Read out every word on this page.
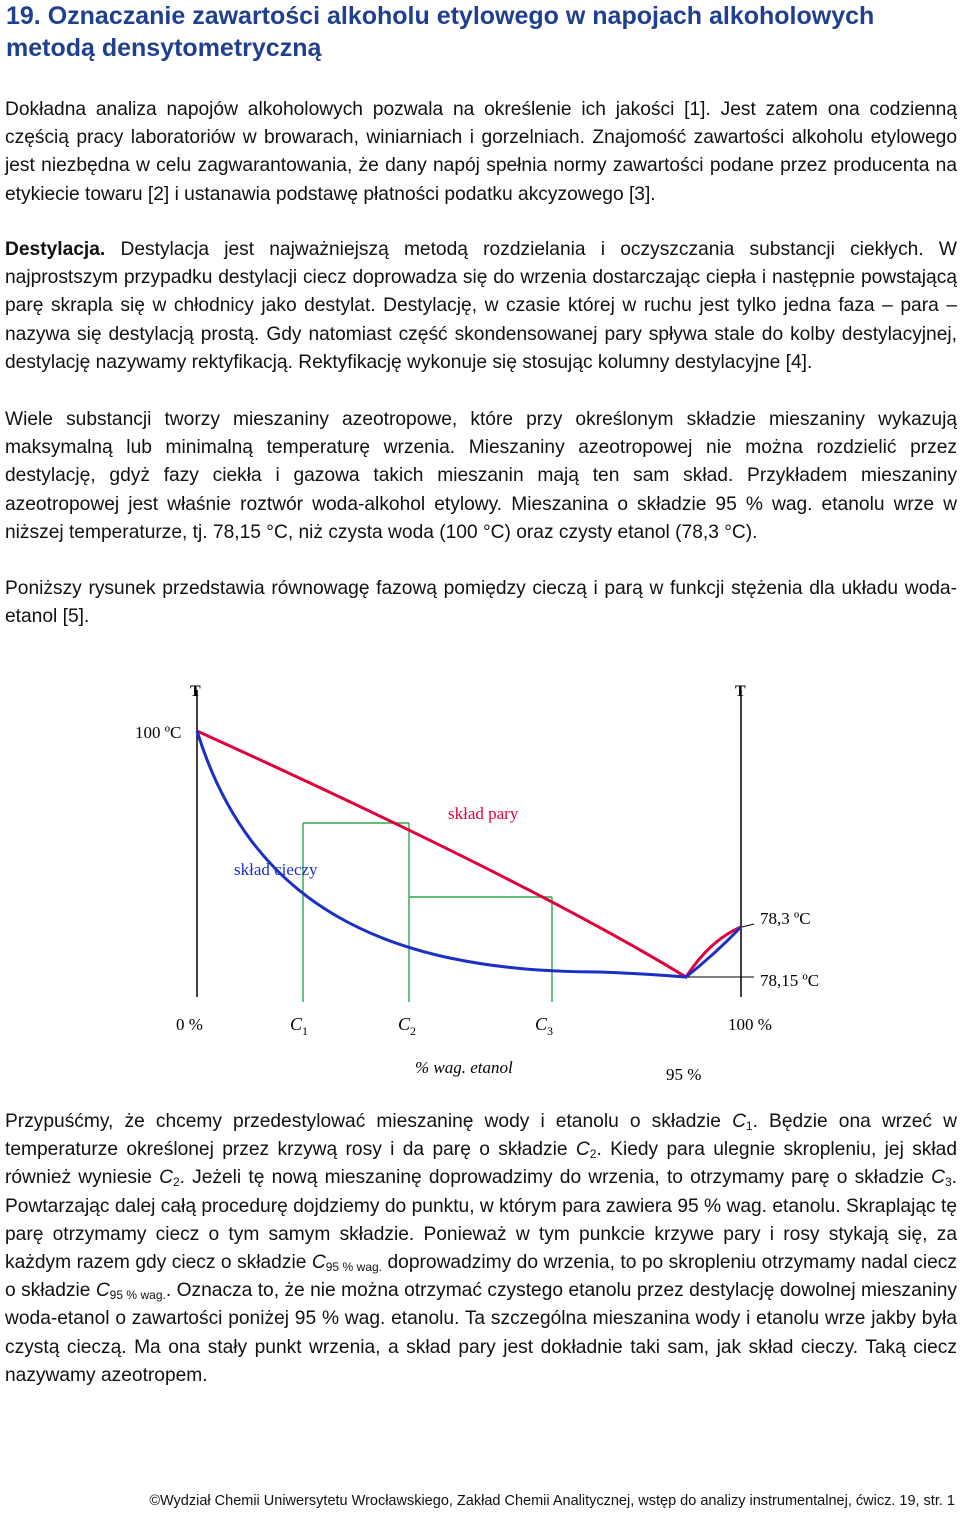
19. Oznaczanie zawartości alkoholu etylowego w napojach alkoholowych metodą densytometryczną

Dokładna analiza napojów alkoholowych pozwala na określenie ich jakości [1]. Jest zatem ona codzienną częścią pracy laboratoriów w browarach, winiarniach i gorzelniach. Znajomość zawartości alkoholu etylowego jest niezbędna w celu zagwarantowania, że dany napój spełnia normy zawartości podane przez producenta na etykiecie towaru [2] i ustanawia podstawę płatności podatku akcyzowego [3].

Destylacja. Destylacja jest najważniejszą metodą rozdzielania i oczyszczania substancji ciekłych. W najprostszym przypadku destylacji ciecz doprowadza się do wrzenia dostarczając ciepła i następnie powstającą parę skrapla się w chłodnicy jako destylat. Destylację, w czasie której w ruchu jest tylko jedna faza – para – nazywa się destylacją prostą. Gdy natomiast część skondensowanej pary spływa stale do kolby destylacyjnej, destylację nazywamy rektyfikacją. Rektyfikację wykonuje się stosując kolumny destylacyjne [4].

Wiele substancji tworzy mieszaniny azeotropowe, które przy określonym składzie mieszaniny wykazują maksymalną lub minimalną temperaturę wrzenia. Mieszaniny azeotropowej nie można rozdzielić przez destylację, gdyż fazy ciekła i gazowa takich mieszanin mają ten sam skład. Przykładem mieszaniny azeotropowej jest właśnie roztwór woda-alkohol etylowy. Mieszanina o składzie 95 % wag. etanolu wrze w niższej temperaturze, tj. 78,15 °C, niż czysta woda (100 °C) oraz czysty etanol (78,3 °C).

Poniższy rysunek przedstawia równowagę fazową pomiędzy cieczą i parą w funkcji stężenia dla układu woda-etanol [5].

T	T
100 ºC
skład pary
skład cieczy
78,3 ºC
78,15 ºC
0 %	$C_1$	$C_2$	$C_3$	100 %
% wag. etanol	95 %

Przypuśćmy, że chcemy przedestylować mieszaninę wody i etanolu o składzie $C_1$. Będzie ona wrzeć w temperaturze określonej przez krzywą rosy i da parę o składzie $C_2$. Kiedy para ulegnie skropleniu, jej skład również wyniesie $C_2$. Jeżeli tę nową mieszaninę doprowadzimy do wrzenia, to otrzymamy parę o składzie $C_3$. Powtarzając dalej całą procedurę dojdziemy do punktu, w którym para zawiera 95 % wag. etanolu. Skraplając tę parę otrzymamy ciecz o tym samym składzie. Ponieważ w tym punkcie krzywe pary i rosy stykają się, za każdym razem gdy ciecz o składzie $C_{95 \% wag.}$ doprowadzimy do wrzenia, to po skropleniu otrzymamy nadal ciecz o składzie $C_{95 \% wag.}$. Oznacza to, że nie można otrzymać czystego etanolu przez destylację dowolnej mieszaniny woda-etanol o zawartości poniżej 95 % wag. etanolu. Ta szczególna mieszanina wody i etanolu wrze jakby była czystą cieczą. Ma ona stały punkt wrzenia, a skład pary jest dokładnie taki sam, jak skład cieczy. Taką ciecz nazywamy azeotropem.

©Wydział Chemii Uniwersytetu Wrocławskiego, Zakład Chemii Analitycznej, wstęp do analizy instrumentalnej, ćwicz. 19, str. 1
